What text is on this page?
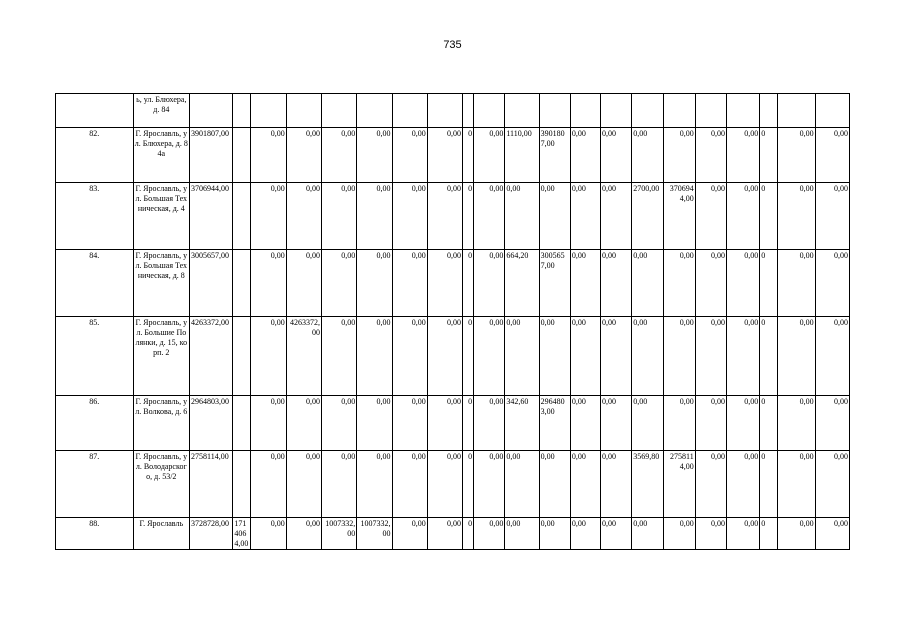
735
	ь, ул. Блюхера, д. 84																					
82.	Г. Ярославль, ул. Блюхера, д. 84а	3901807,00		0,00	0,00	0,00	0,00	0,00	0,00	0	0,00	1110,00	3901807,00	0,00	0,00	0,00	0,00	0,00	0,00	0	0,00	0,00
83.	Г. Ярославль, ул. Большая Техническая, д. 4	3706944,00		0,00	0,00	0,00	0,00	0,00	0,00	0	0,00	0,00	0,00	0,00	0,00	2700,00	3706944,00	0,00	0,00	0	0,00	0,00
84.	Г. Ярославль, ул. Большая Техническая, д. 8	3005657,00		0,00	0,00	0,00	0,00	0,00	0,00	0	0,00	664,20	3005657,00	0,00	0,00	0,00	0,00	0,00	0,00	0	0,00	0,00
85.	Г. Ярославль, ул. Большие Полянки, д. 15, корп. 2	4263372,00		0,00	4263372,00	0,00	0,00	0,00	0,00	0	0,00	0,00	0,00	0,00	0,00	0,00	0,00	0,00	0,00	0	0,00	0,00
86.	Г. Ярославль, ул. Волкова, д. 6	2964803,00		0,00	0,00	0,00	0,00	0,00	0,00	0	0,00	342,60	2964803,00	0,00	0,00	0,00	0,00	0,00	0,00	0	0,00	0,00
87.	Г. Ярославль, ул. Володарского, д. 53/2	2758114,00		0,00	0,00	0,00	0,00	0,00	0,00	0	0,00	0,00	0,00	0,00	0,00	3569,80	2758114,00	0,00	0,00	0	0,00	0,00
88.	Г. Ярославль	3728728,00	1714064,00	0,00	0,00	1007332,00	1007332,00	0,00	0,00	0	0,00	0,00	0,00	0,00	0,00	0,00	0,00	0,00	0,00	0	0,00	0,00
